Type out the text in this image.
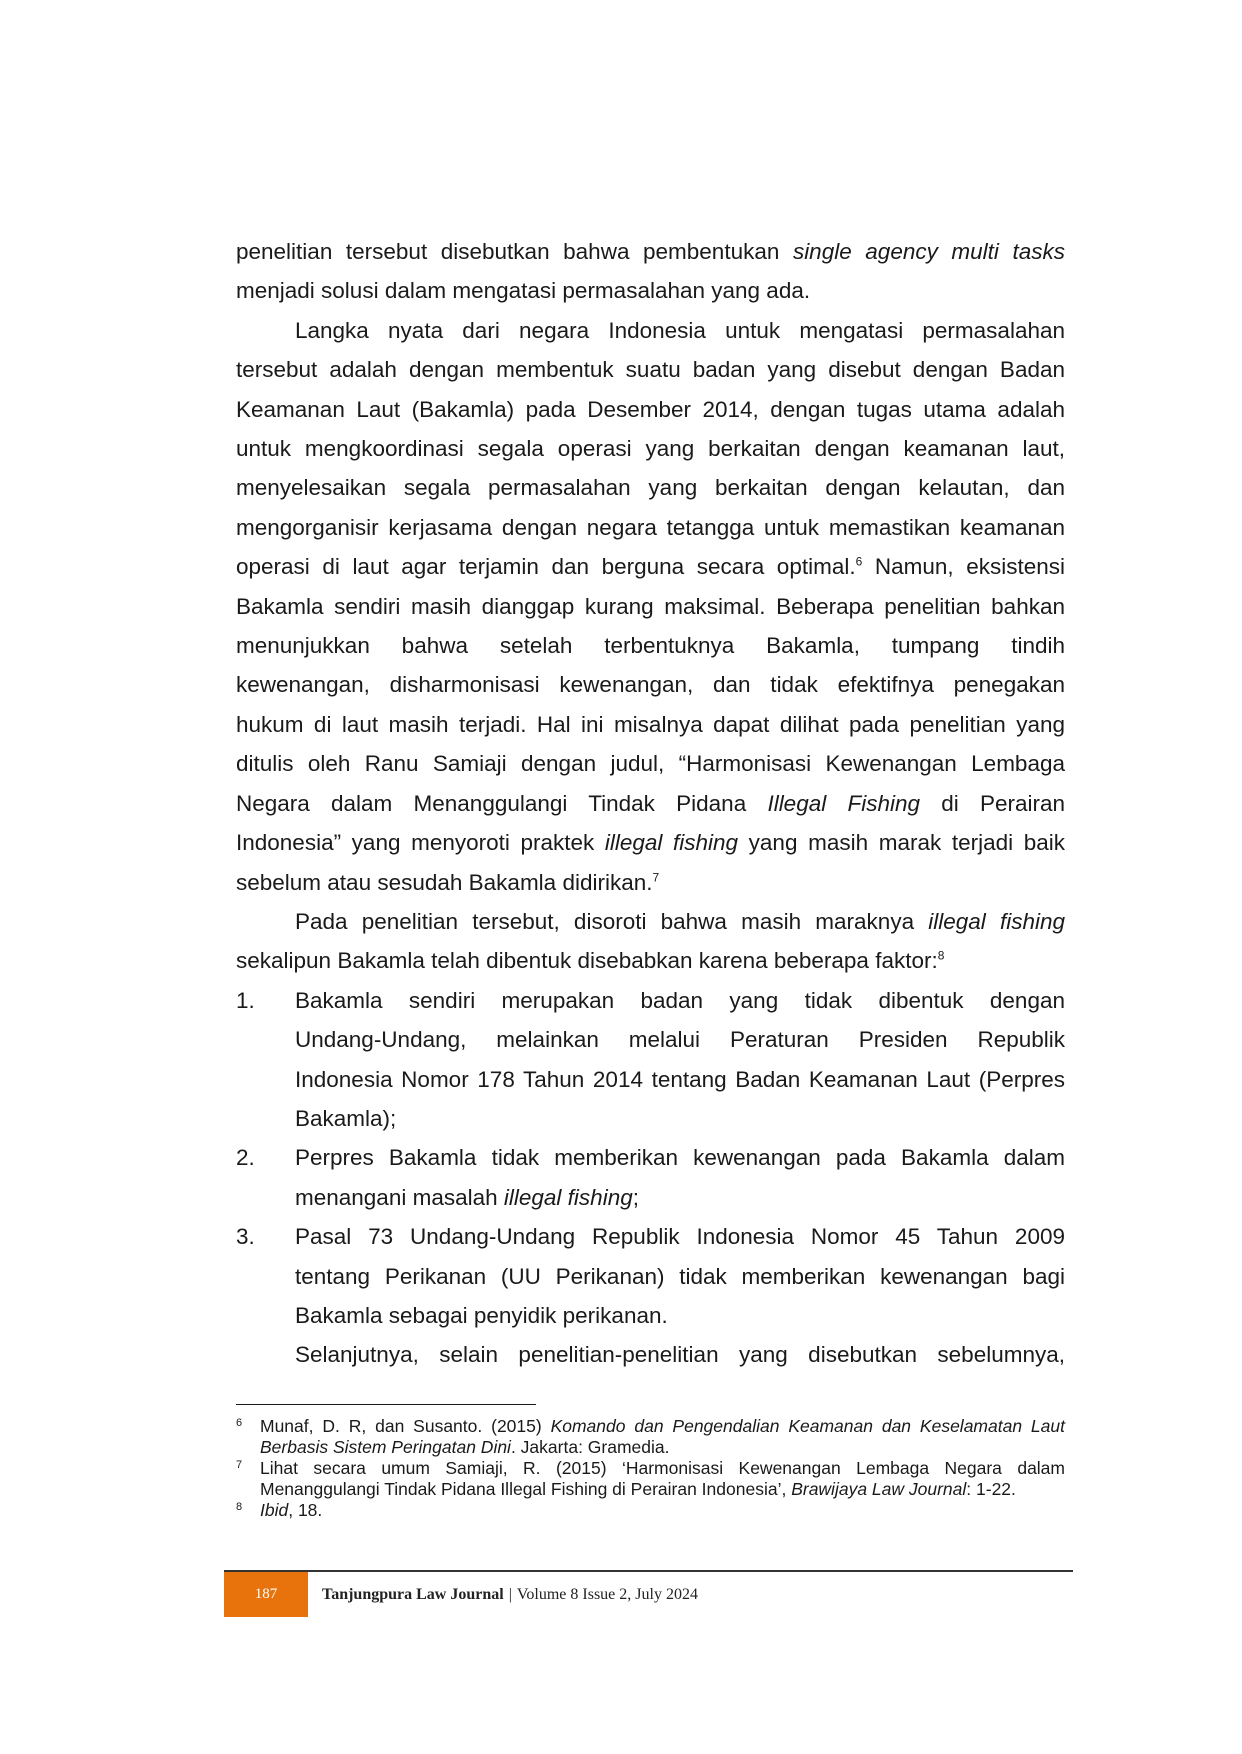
penelitian tersebut disebutkan bahwa pembentukan single agency multi tasks

menjadi solusi dalam mengatasi permasalahan yang ada.

Langka nyata dari negara Indonesia untuk mengatasi permasalahan

tersebut adalah dengan membentuk suatu badan yang disebut dengan Badan

Keamanan Laut (Bakamla) pada Desember 2014, dengan tugas utama adalah

untuk mengkoordinasi segala operasi yang berkaitan dengan keamanan laut,

menyelesaikan segala permasalahan yang berkaitan dengan kelautan, dan

mengorganisir kerjasama dengan negara tetangga untuk memastikan keamanan

operasi di laut agar terjamin dan berguna secara optimal.$^6$ Namun, eksistensi

Bakamla sendiri masih dianggap kurang maksimal. Beberapa penelitian bahkan

menunjukkan bahwa setelah terbentuknya Bakamla, tumpang tindih

kewenangan, disharmonisasi kewenangan, dan tidak efektifnya penegakan

hukum di laut masih terjadi. Hal ini misalnya dapat dilihat pada penelitian yang

ditulis oleh Ranu Samiaji dengan judul, “Harmonisasi Kewenangan Lembaga

Negara dalam Menanggulangi Tindak Pidana Illegal Fishing di Perairan

Indonesia” yang menyoroti praktek illegal fishing yang masih marak terjadi baik

sebelum atau sesudah Bakamla didirikan.$^7$

Pada penelitian tersebut, disoroti bahwa masih maraknya illegal fishing

sekalipun Bakamla telah dibentuk disebabkan karena beberapa faktor:$^8$

1. Bakamla sendiri merupakan badan yang tidak dibentuk dengan
Undang-Undang, melainkan melalui Peraturan Presiden Republik
Indonesia Nomor 178 Tahun 2014 tentang Badan Keamanan Laut (Perpres
Bakamla);
2. Perpres Bakamla tidak memberikan kewenangan pada Bakamla dalam
menangani masalah illegal fishing;
3. Pasal 73 Undang-Undang Republik Indonesia Nomor 45 Tahun 2009
tentang Perikanan (UU Perikanan) tidak memberikan kewenangan bagi
Bakamla sebagai penyidik perikanan.

Selanjutnya, selain penelitian-penelitian yang disebutkan sebelumnya,

6 Munaf, D. R, dan Susanto. (2015) Komando dan Pengendalian Keamanan dan Keselamatan Laut Berbasis Sistem Peringatan Dini. Jakarta: Gramedia.
7 Lihat secara umum Samiaji, R. (2015) ‘Harmonisasi Kewenangan Lembaga Negara dalam Menanggulangi Tindak Pidana Illegal Fishing di Perairan Indonesia’, Brawijaya Law Journal: 1-22.
8 Ibid, 18.
187	Tanjungpura Law Journal | Volume 8 Issue 2, July 2024
